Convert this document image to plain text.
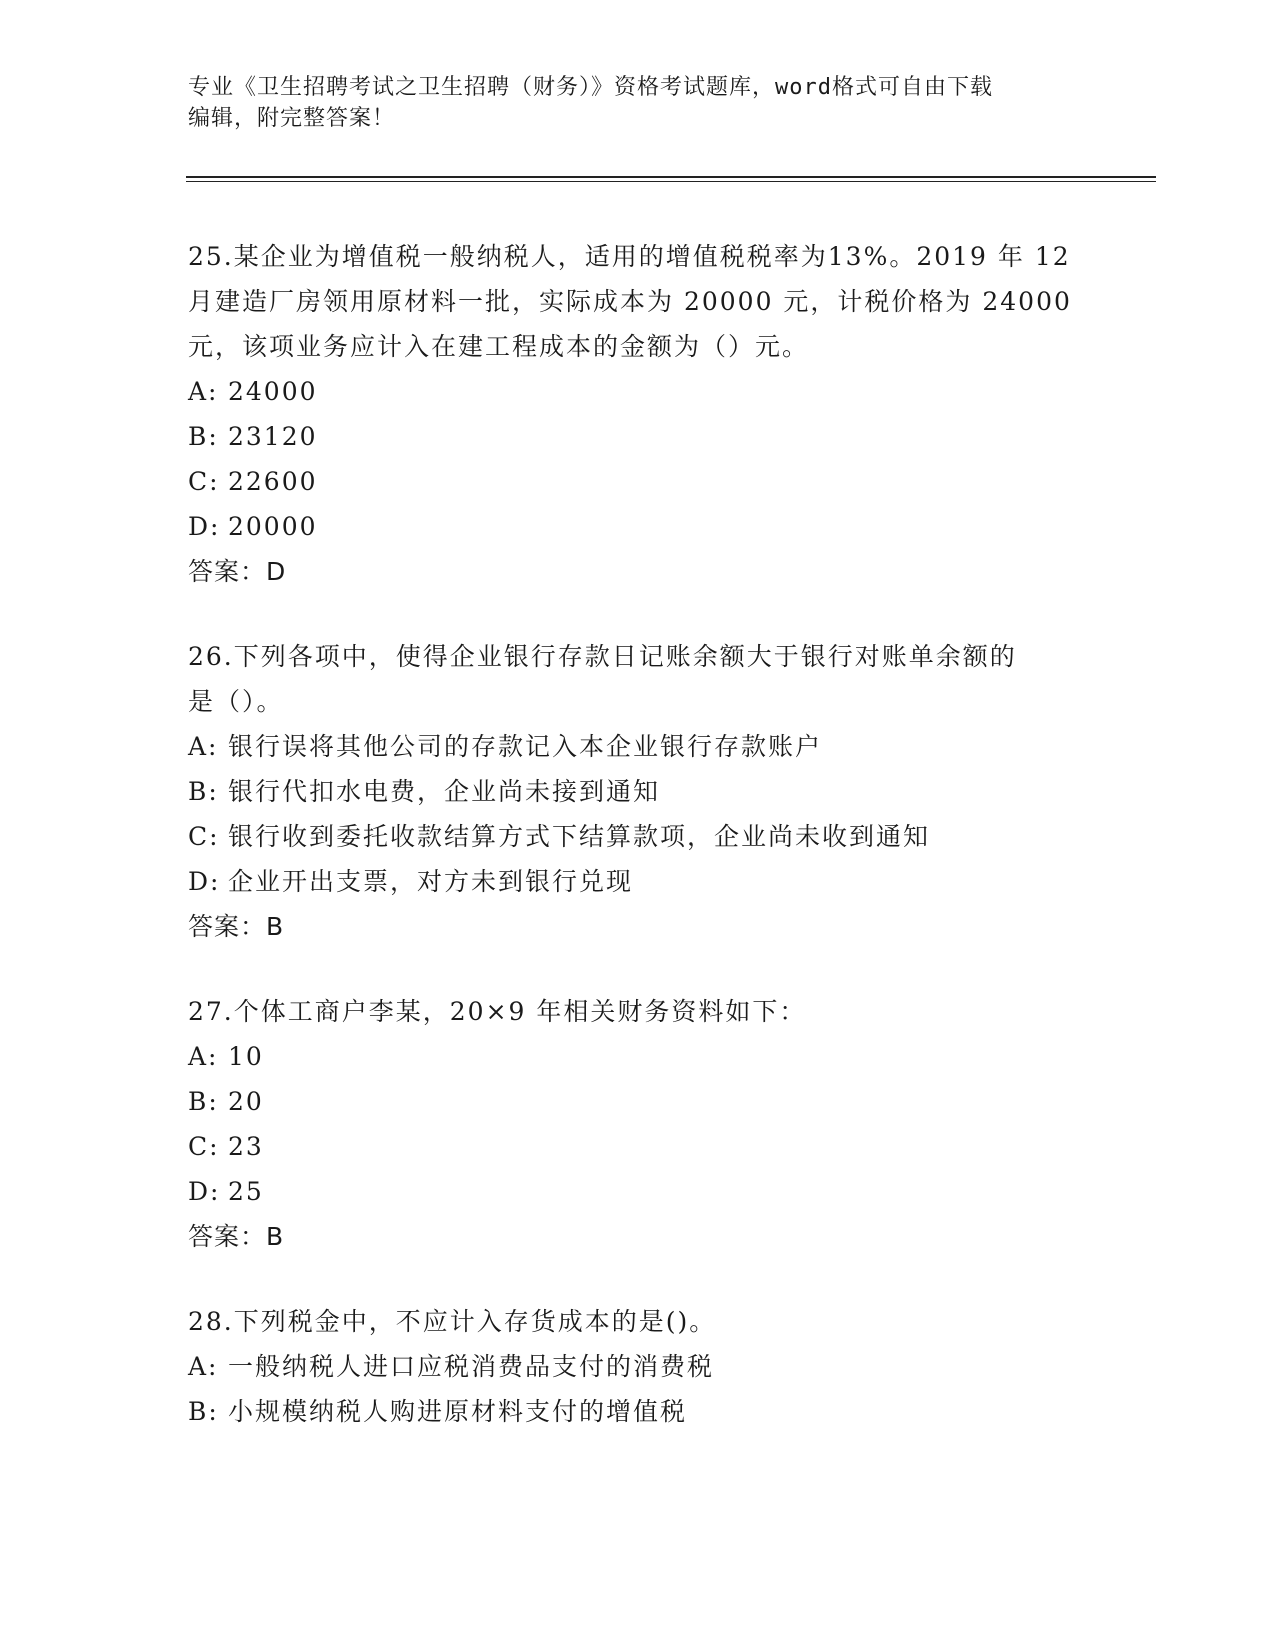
专业《卫生招聘考试之卫生招聘（财务）》资格考试题库，word格式可自由下载
编辑，附完整答案！

25.某企业为增值税一般纳税人，适用的增值税税率为13%。2019 年 12

月建造厂房领用原材料一批，实际成本为 20000 元，计税价格为 24000

元，该项业务应计入在建工程成本的金额为（）元。

A: 24000

B: 23120

C: 22600

D: 20000

答案：D

26.下列各项中，使得企业银行存款日记账余额大于银行对账单余额的

是（）。

A: 银行误将其他公司的存款记入本企业银行存款账户

B: 银行代扣水电费，企业尚未接到通知

C: 银行收到委托收款结算方式下结算款项，企业尚未收到通知

D: 企业开出支票，对方未到银行兑现

答案：B

27.个体工商户李某，20×9 年相关财务资料如下：

A: 10

B: 20

C: 23

D: 25

答案：B

28.下列税金中，不应计入存货成本的是()。

A: 一般纳税人进口应税消费品支付的消费税

B: 小规模纳税人购进原材料支付的增值税
